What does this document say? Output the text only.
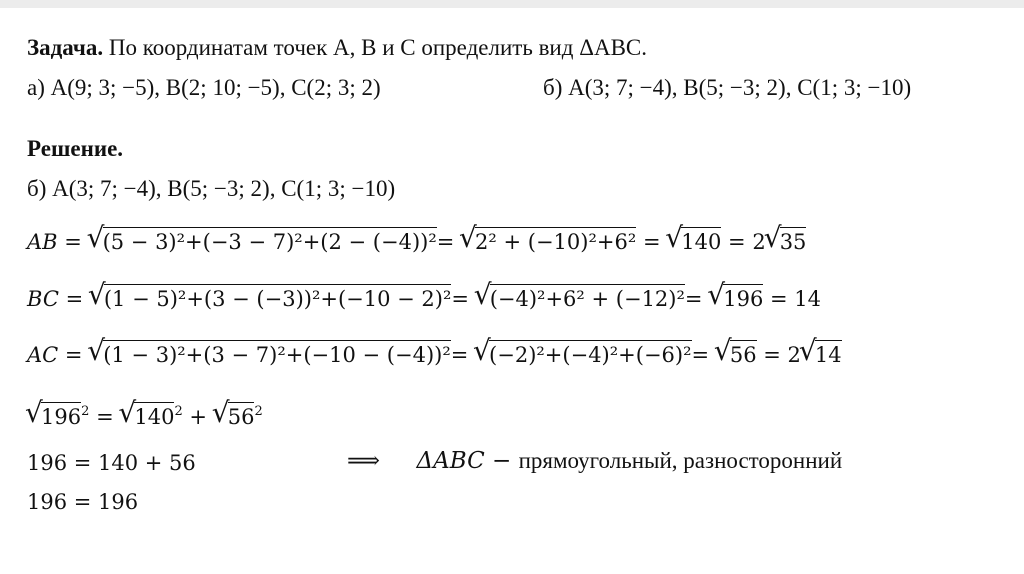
Задача. По координатам точек A, B и C определить вид ΔABC.
а) A(9; 3; −5), B(2; 10; −5), C(2; 3; 2)	б) A(3; 7; −4), B(5; −3; 2), C(1; 3; −10)
Решение.
б) A(3; 7; −4), B(5; −3; 2), C(1; 3; −10)
AB = √ (5 − 3)²+(−3 − 7)²+(2 − (−4))²= √ 2² + (−10)²+6² = √ 140 = 2 √ 35
BC = √ (1 − 5)²+(3 − (−3))²+(−10 − 2)²= √ (−4)²+6² + (−12)²= √ 196 = 14
AC = √ (1 − 3)²+(3 − 7)²+(−10 − (−4))²= √ (−2)²+(−4)²+(−6)²= √ 56 = 2 √ 14
√ $196^2$ = √ $140^2$ + √ $56^2$
196 = 140 + 56
196 = 196
⟹ ΔABC − прямоугольный, разносторонний
